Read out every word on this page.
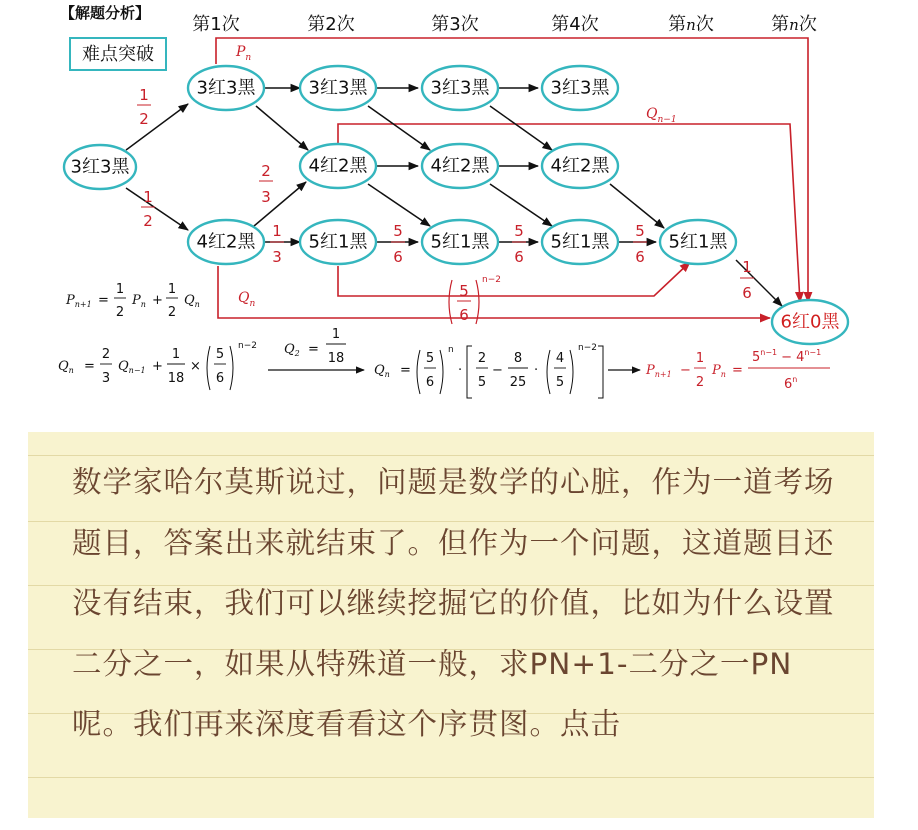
【解题分析】
难点突破
第1次	第2次	第3次	第4次	第n次	第n次
3红3黑
3红3黑	3红3黑	3红3黑	3红3黑
4红2黑	4红2黑	4红2黑
4红2黑	5红1黑	5红1黑	5红1黑	5红1黑
6红0黑
1
2
1
2
2
3
1
3
5
6
5
6
5
6
1
6
$P_n$
$Q_{n-1}$
$Q_n$
5
6
n−2
$P_{n+1}$ =
1
2
$P_n$ +
1
2
$Q_n$
$Q_n$ =
2
3
$Q_{n-1}$ +
1
18
×
5
6
n−2 $Q_2$ =
1
18
$Q_n$ =
5
6
n
·
2
5
−
8
25
·
4
5
n−2
$P_{n+1}$ −
1
2
$P_n$ =
$5^{n-1} - 4^{n-1}$
6$^n$

数学家哈尔莫斯说过，问题是数学的心脏，作为一道考场题目，答案出来就结束了。但作为一个问题，这道题目还没有结束，我们可以继续挖掘它的价值，比如为什么设置二分之一，如果从特殊道一般，求PN+1-二分之一PN呢。我们再来深度看看这个序贯图。点击
